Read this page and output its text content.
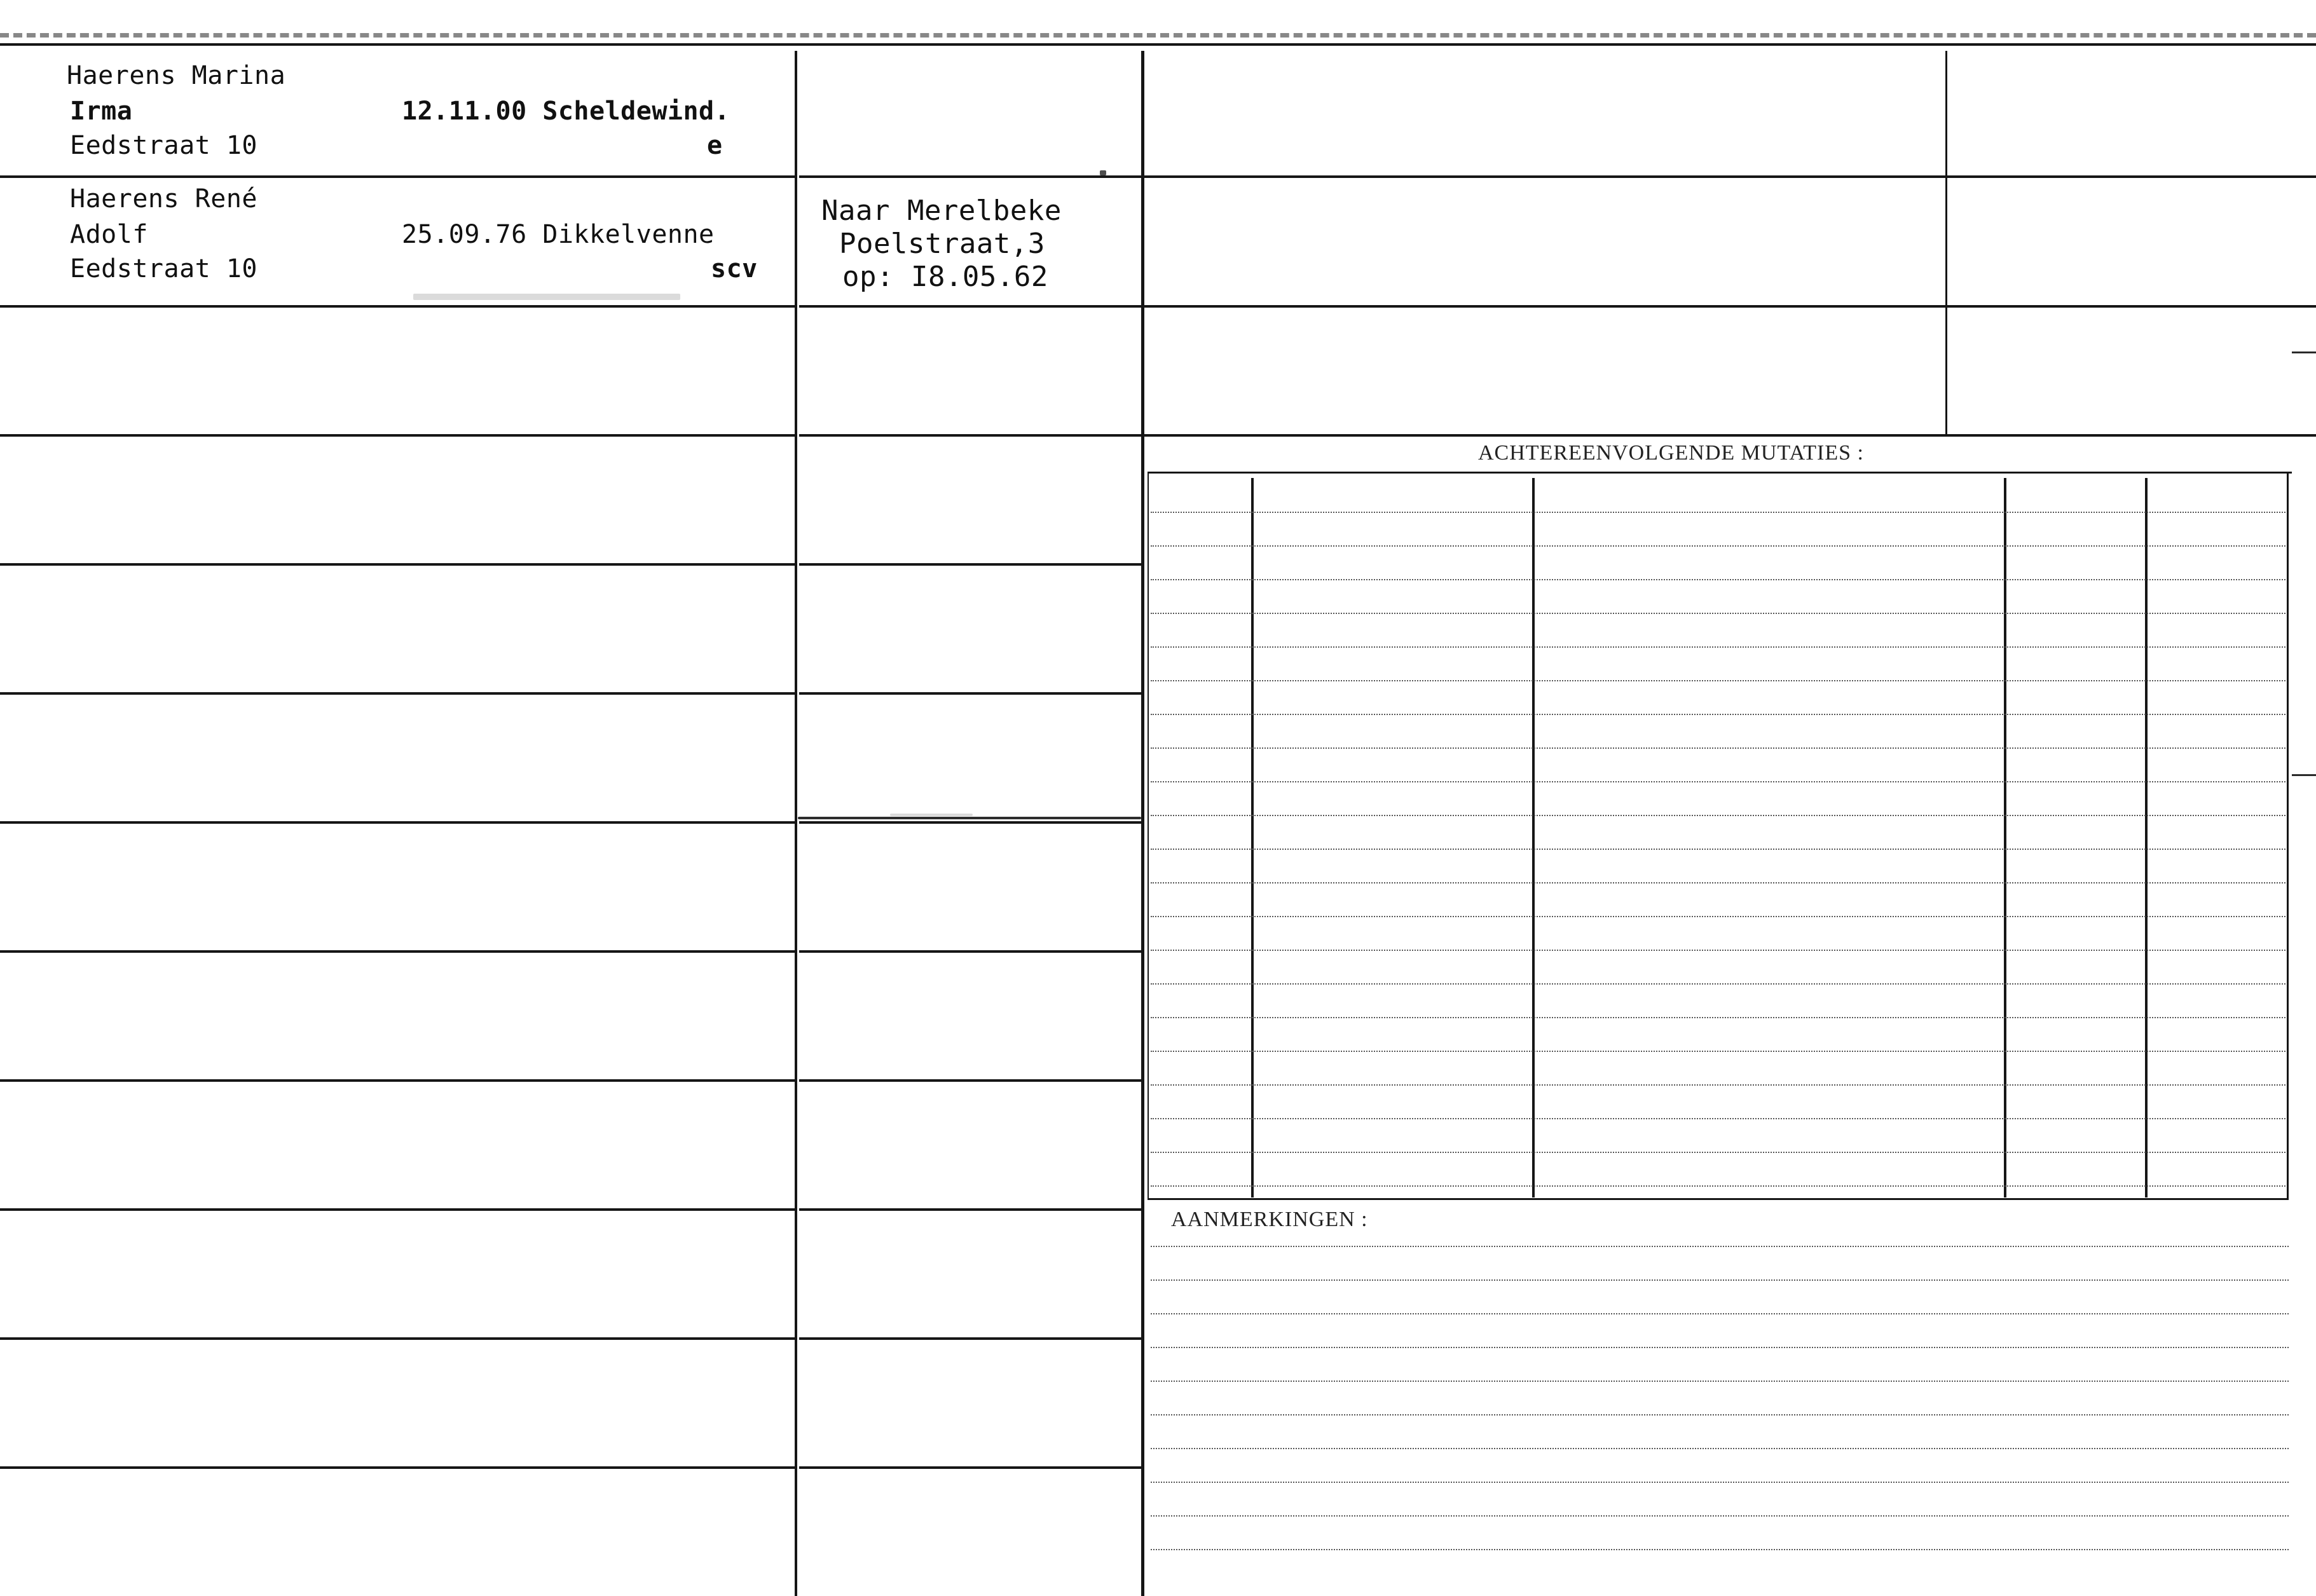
ACHTEREENVOLGENDE MUTATIES :
AANMERKINGEN :
Haerens Marina
Irma
Eedstraat 10
12.11.00 Scheldewind.
e
Haerens René
Adolf
Eedstraat 10
25.09.76 Dikkelvenne
scv
Naar Merelbeke
Poelstraat,3
op: I8.05.62
